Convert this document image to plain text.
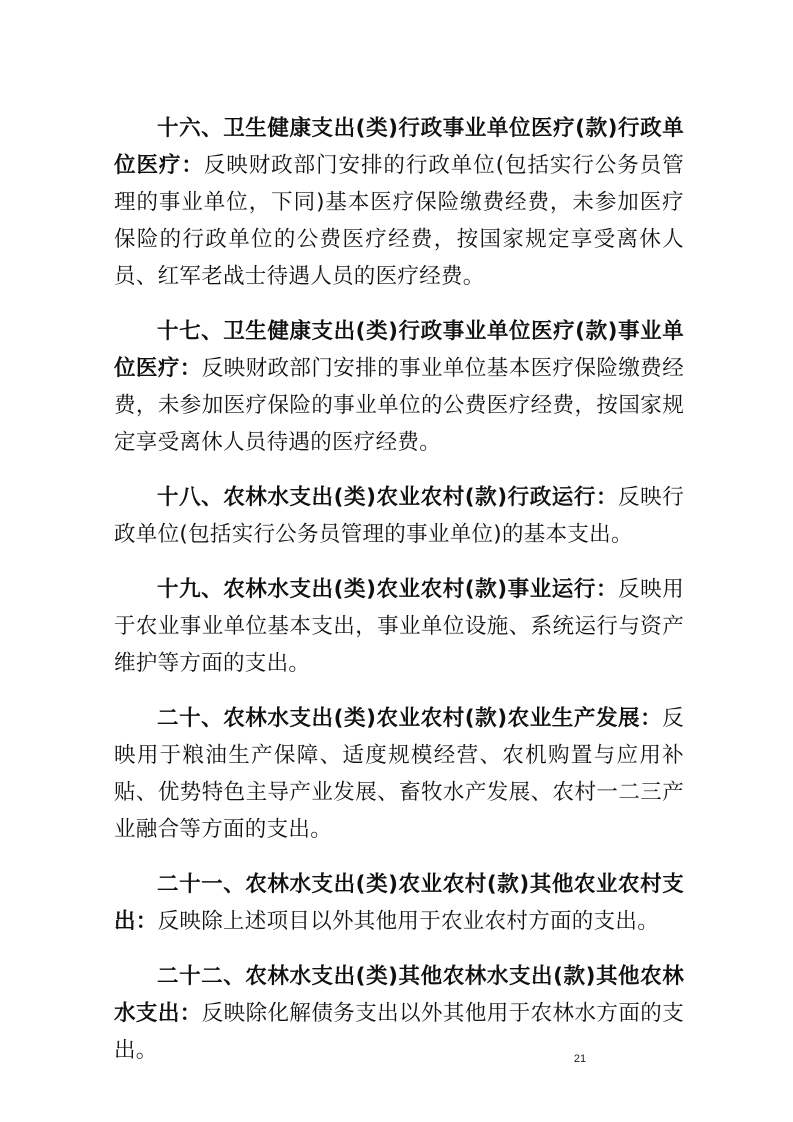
十六、卫生健康支出(类)行政事业单位医疗(款)行政单位医疗：反映财政部门安排的行政单位(包括实行公务员管理的事业单位，下同)基本医疗保险缴费经费，未参加医疗保险的行政单位的公费医疗经费，按国家规定享受离休人员、红军老战士待遇人员的医疗经费。

十七、卫生健康支出(类)行政事业单位医疗(款)事业单位医疗：反映财政部门安排的事业单位基本医疗保险缴费经费，未参加医疗保险的事业单位的公费医疗经费，按国家规定享受离休人员待遇的医疗经费。

十八、农林水支出(类)农业农村(款)行政运行：反映行政单位(包括实行公务员管理的事业单位)的基本支出。

十九、农林水支出(类)农业农村(款)事业运行：反映用于农业事业单位基本支出，事业单位设施、系统运行与资产维护等方面的支出。

二十、农林水支出(类)农业农村(款)农业生产发展：反映用于粮油生产保障、适度规模经营、农机购置与应用补贴、优势特色主导产业发展、畜牧水产发展、农村一二三产业融合等方面的支出。

二十一、农林水支出(类)农业农村(款)其他农业农村支出：反映除上述项目以外其他用于农业农村方面的支出。

二十二、农林水支出(类)其他农林水支出(款)其他农林水支出：反映除化解债务支出以外其他用于农林水方面的支出。	21
